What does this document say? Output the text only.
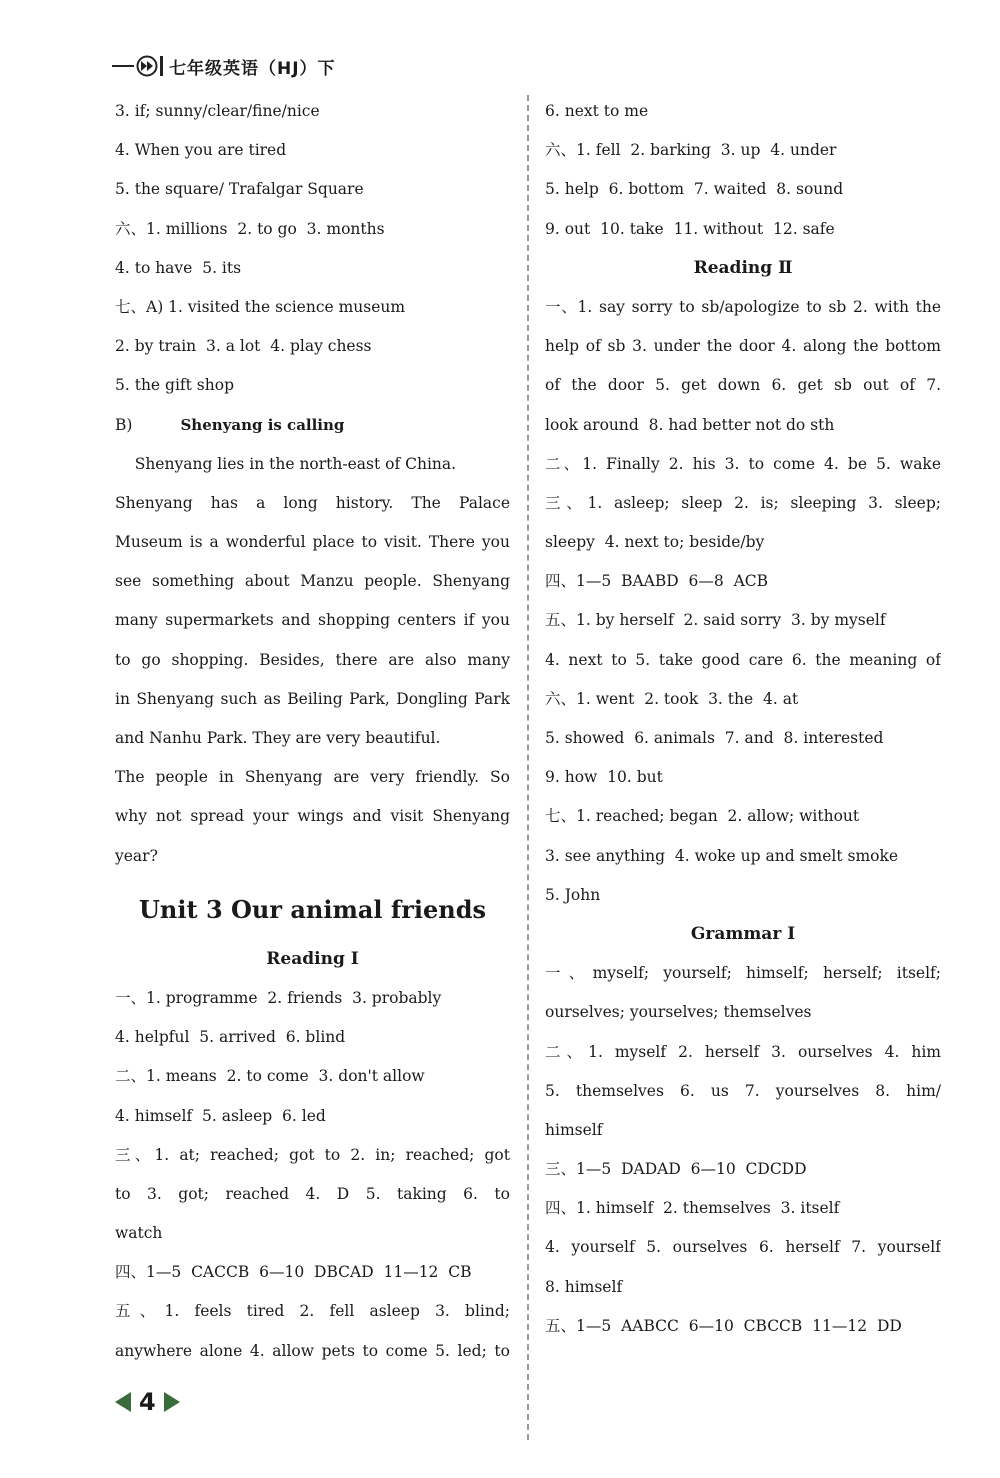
七年级英语（HJ）下
3. if; sunny/clear/fine/nice
4. When you are tired
5. the square/ Trafalgar Square
六、1. millions  2. to go  3. months
4. to have  5. its
七、A) 1. visited the science museum
2. by train  3. a lot  4. play chess
5. the gift shop
B)	Shenyang is calling
Shenyang lies in the north-east of China.
Shenyang has a long history. The Palace
Museum is a wonderful place to visit. There you
see something about Manzu people. Shenyang
many supermarkets and shopping centers if you
to go shopping. Besides, there are also many
in Shenyang such as Beiling Park, Dongling Park
and Nanhu Park. They are very beautiful.
The people in Shenyang are very friendly. So
why not spread your wings and visit Shenyang
year?
Unit 3 Our animal friends
Reading Ⅰ
一、1. programme  2. friends  3. probably
4. helpful  5. arrived  6. blind
二、1. means  2. to come  3. don't allow
4. himself  5. asleep  6. led
三、1. at; reached; got to 2. in; reached; got
to 3. got; reached 4. D 5. taking 6. to
watch
四、1—5  CACCB  6—10  DBCAD  11—12  CB
五、1. feels tired 2. fell asleep 3. blind;
anywhere alone 4. allow pets to come 5. led; to
6. next to me
六、1. fell  2. barking  3. up  4. under
5. help  6. bottom  7. waited  8. sound
9. out  10. take  11. without  12. safe
Reading Ⅱ
一、1. say sorry to sb/apologize to sb 2. with the
help of sb 3. under the door 4. along the bottom
of the door 5. get down 6. get sb out of 7.
look around  8. had better not do sth
二、1. Finally 2. his 3. to come 4. be 5. wake
三、1. asleep; sleep 2. is; sleeping 3. sleep;
sleepy  4. next to; beside/by
四、1—5  BAABD  6—8  ACB
五、1. by herself  2. said sorry  3. by myself
4. next to 5. take good care 6. the meaning of
六、1. went  2. took  3. the  4. at
5. showed  6. animals  7. and  8. interested
9. how  10. but
七、1. reached; began  2. allow; without
3. see anything  4. woke up and smelt smoke
5. John
Grammar Ⅰ
一、myself; yourself; himself; herself; itself;
ourselves; yourselves; themselves
二、1. myself 2. herself 3. ourselves 4. him
5. themselves 6. us 7. yourselves 8. him/
himself
三、1—5  DADAD  6—10  CDCDD
四、1. himself  2. themselves  3. itself
4. yourself 5. ourselves 6. herself 7. yourself
8. himself
五、1—5  AABCC  6—10  CBCCB  11—12  DD
4
